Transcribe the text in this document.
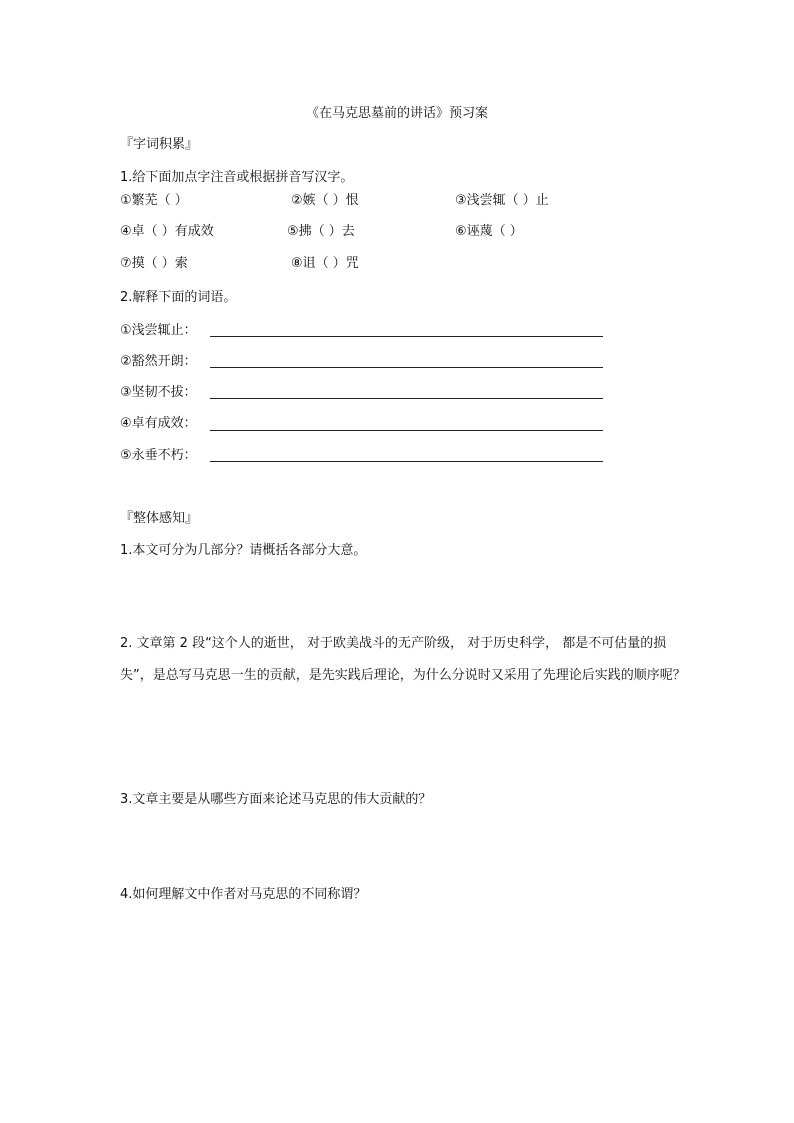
《在马克思墓前的讲话》预习案
『字词积累』
1.给下面加点字注音或根据拼音写汉字。
①繁芜（ ）	②嫉（ ）恨	③浅尝辄（ ）止
④卓（ ）有成效	⑤拂（ ）去	⑥诬蔑（ ）
⑦摸（ ）索	⑧诅（ ）咒
2.解释下面的词语。
①浅尝辄止：
②豁然开朗：
③坚韧不拔：
④卓有成效：
⑤永垂不朽：
『整体感知』
1.本文可分为几部分？请概括各部分大意。
2. 文章第 2 段“这个人的逝世， 对于欧美战斗的无产阶级， 对于历史科学， 都是不可估量的损失”，是总写马克思一生的贡献，是先实践后理论，为什么分说时又采用了先理论后实践的顺序呢？
3.文章主要是从哪些方面来论述马克思的伟大贡献的？
4.如何理解文中作者对马克思的不同称谓？
